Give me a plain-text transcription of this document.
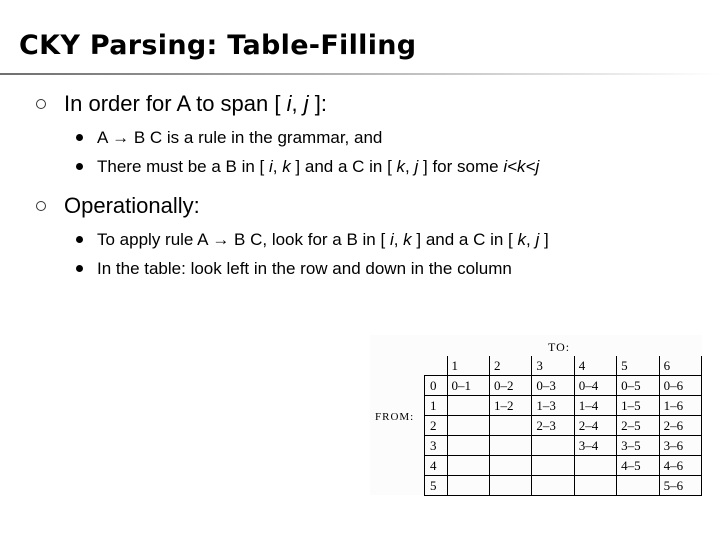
CKY Parsing: Table-Filling
In order for A to span [ i, j ]:
A → B C is a rule in the grammar, and
There must be a B in [ i, k ] and a C in [ k, j ] for some i<k<j
Operationally:
To apply rule A → B C, look for a B in [ i, k ] and a C in [ k, j ]
In the table: look left in the row and down in the column
TO:
FROM:
	1	2	3	4	5	6
0	0–1	0–2	0–3	0–4	0–5	0–6
1		1–2	1–3	1–4	1–5	1–6
2			2–3	2–4	2–5	2–6
3				3–4	3–5	3–6
4					4–5	4–6
5						5–6
